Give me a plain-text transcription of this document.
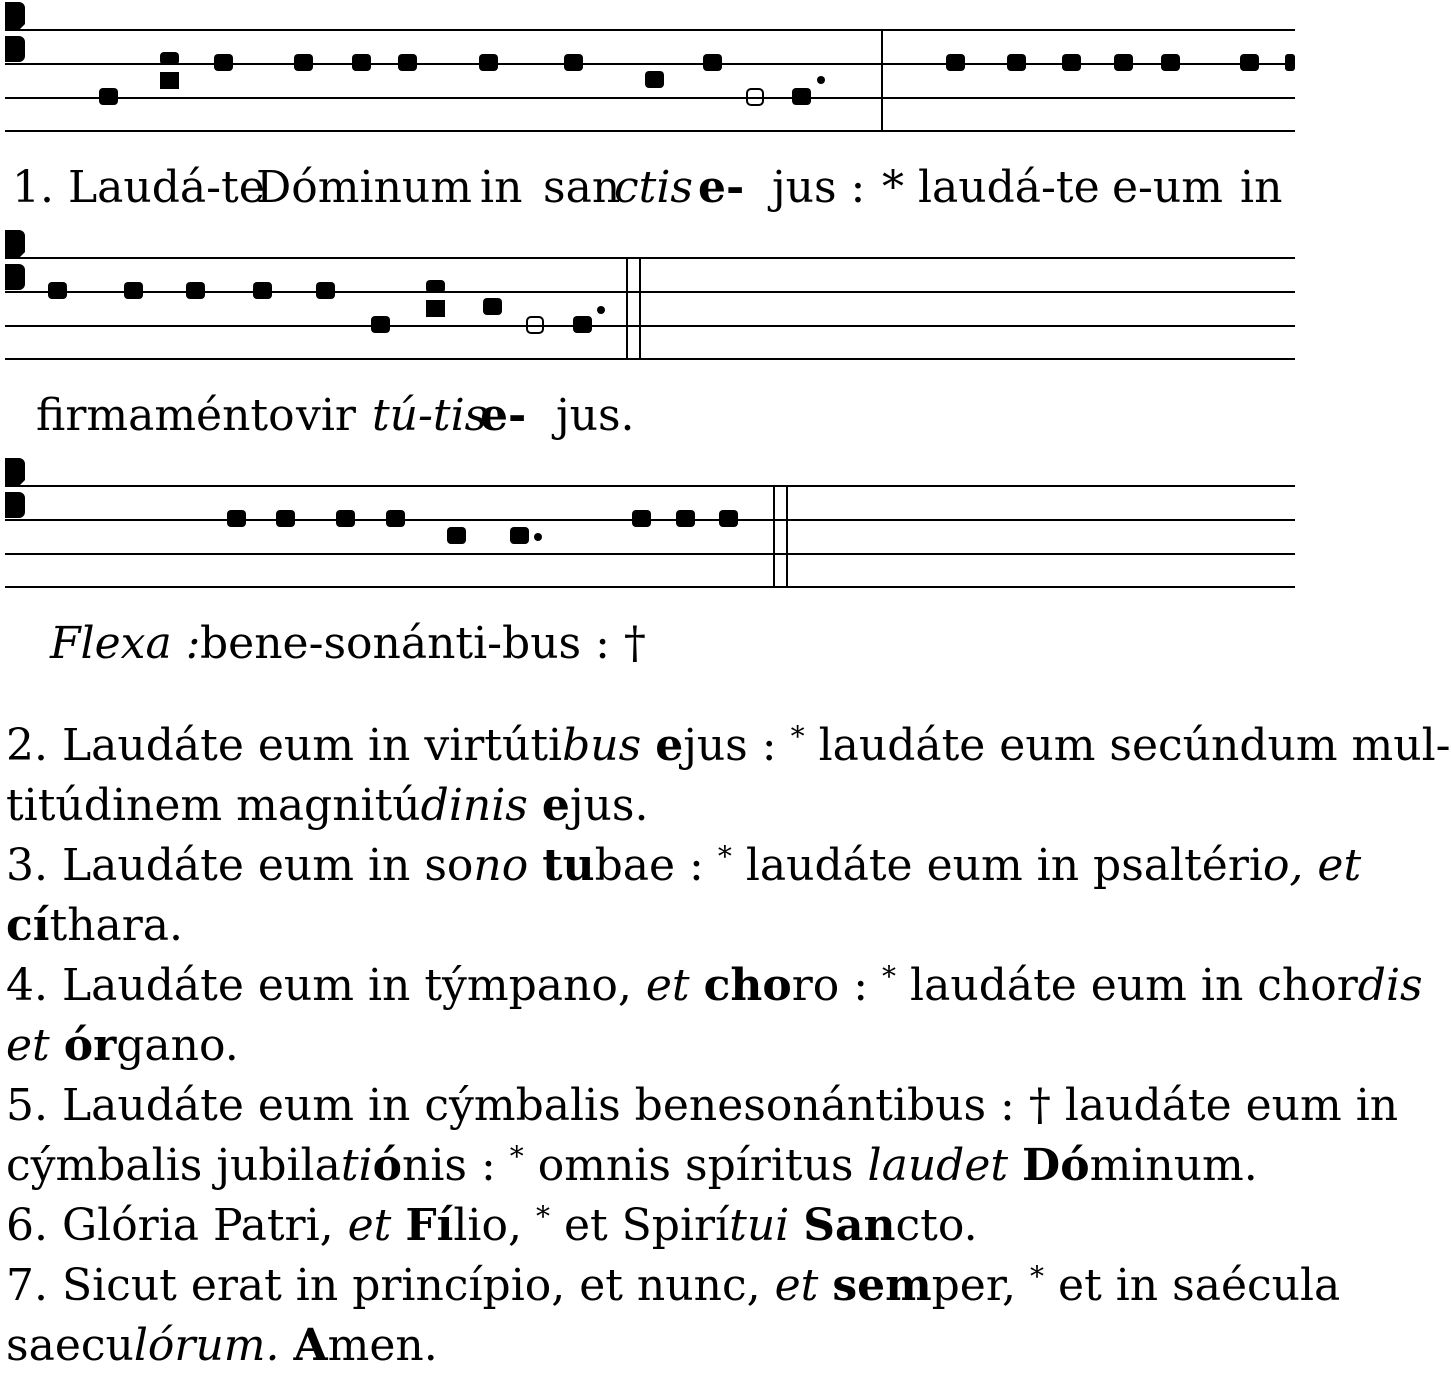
1. Laudá-te
Dóminum in san
ctis e- jus : * laudá-te e-um in
firmaménto vir tú-tis
e- jus.
Flexa : bene-sonánti-bus : †
2. Laudáte eum in virtútibus ejus : * laudáte eum secúndum mul-
titúdinem magnitúdinis ejus.
3. Laudáte eum in sono tubae : * laudáte eum in psaltério, et
cíthara.
4. Laudáte eum in týmpano, et choro : * laudáte eum in chordis
et órgano.
5. Laudáte eum in cýmbalis benesonántibus : † laudáte eum in
cýmbalis jubilatiónis : * omnis spíritus laudet Dóminum.
6. Glória Patri, et Fílio, * et Spirítui Sancto.
7. Sicut erat in princípio, et nunc, et semper, * et in saécula
saeculórum. Amen.
